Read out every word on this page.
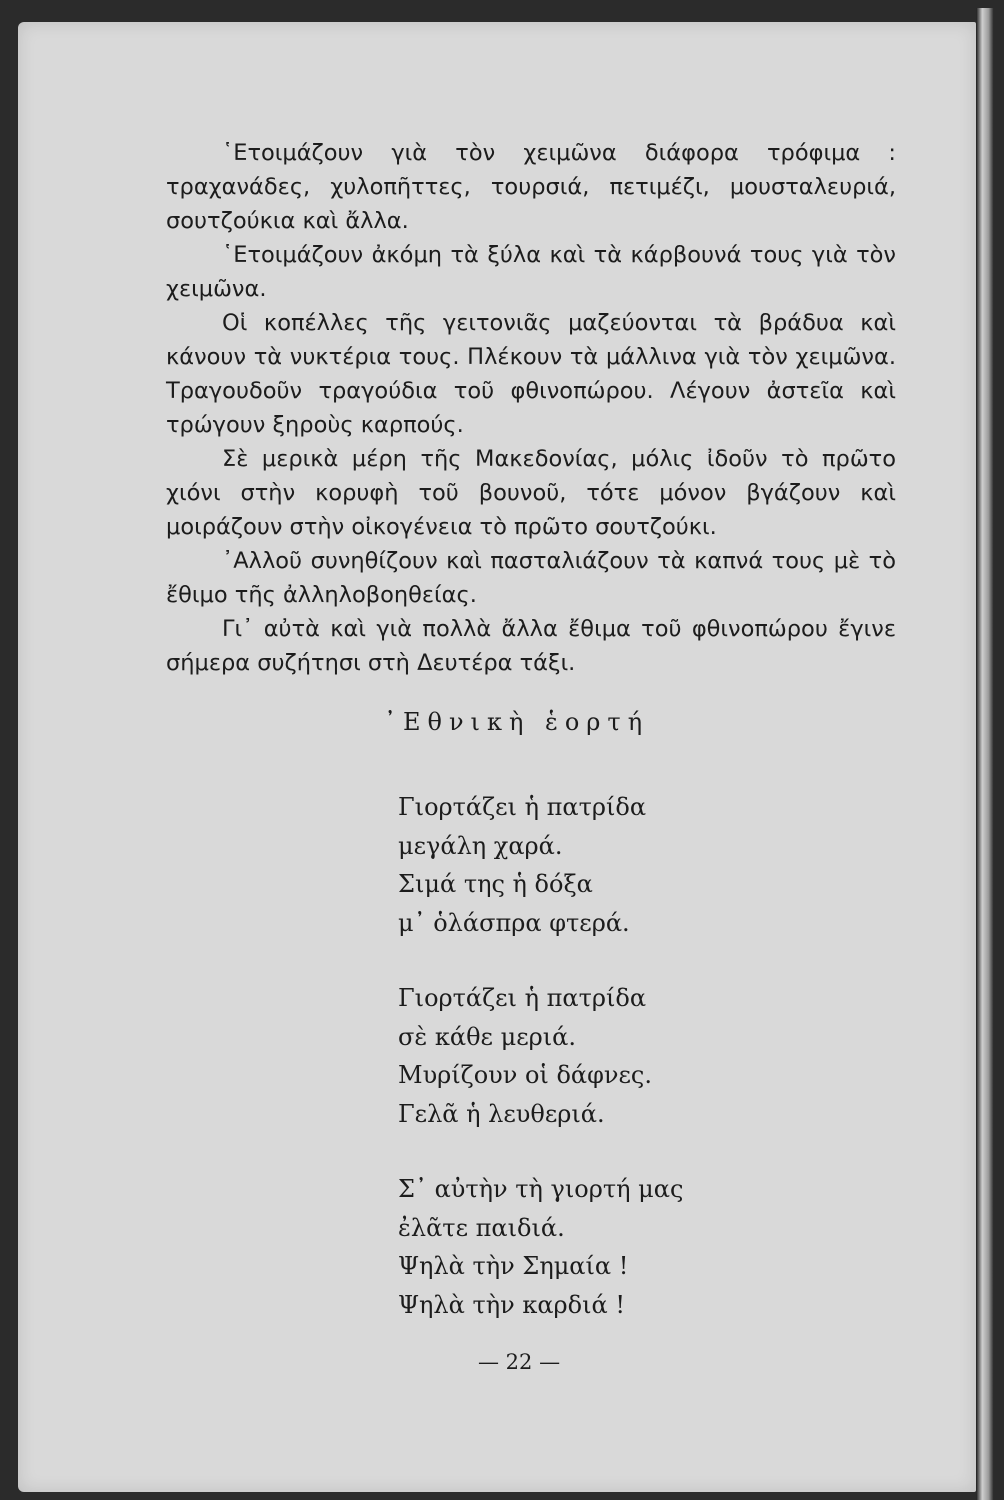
῾Ετοιμάζουν γιὰ τὸν χειμῶνα διάφορα τρόφιμα : τραχανάδες, χυλοπῆττες, τουρσιά, πετιμέζι, μουσταλευριά, σουτζούκια καὶ ἄλλα.

῾Ετοιμάζουν ἀκόμη τὰ ξύλα καὶ τὰ κάρβουνά τους γιὰ τὸν χειμῶνα.

Οἱ κοπέλλες τῆς γειτονιᾶς μαζεύονται τὰ βράδυα καὶ κάνουν τὰ νυκτέρια τους. Πλέκουν τὰ μάλλινα γιὰ τὸν χειμῶνα. Τραγουδοῦν τραγούδια τοῦ φθινοπώρου. Λέγουν ἀστεῖα καὶ τρώγουν ξηροὺς καρπούς.

Σὲ μερικὰ μέρη τῆς Μακεδονίας, μόλις ἰδοῦν τὸ πρῶτο χιόνι στὴν κορυφὴ τοῦ βουνοῦ, τότε μόνον βγάζουν καὶ μοιράζουν στὴν οἰκογένεια τὸ πρῶτο σουτζούκι.

᾿Αλλοῦ συνηθίζουν καὶ πασταλιάζουν τὰ καπνά τους μὲ τὸ ἔθιμο τῆς ἀλληλοβοηθείας.

Γι᾿ αὐτὰ καὶ γιὰ πολλὰ ἄλλα ἔθιμα τοῦ φθινοπώρου ἔγινε σήμερα συζήτησι στὴ Δευτέρα τάξι.

᾿Εθνικὴ ἑορτή
Γιορτάζει ἡ πατρίδα
μεγάλη χαρά.
Σιμά της ἡ δόξα
μ᾿ ὁλάσπρα φτερά.
Γιορτάζει ἡ πατρίδα
σὲ κάθε μεριά.
Μυρίζουν οἱ δάφνες.
Γελᾶ ἡ λευθεριά.
Σ᾿ αὐτὴν τὴ γιορτή μας
ἐλᾶτε παιδιά.
Ψηλὰ τὴν Σημαία !
Ψηλὰ τὴν καρδιά !
— 22 —
